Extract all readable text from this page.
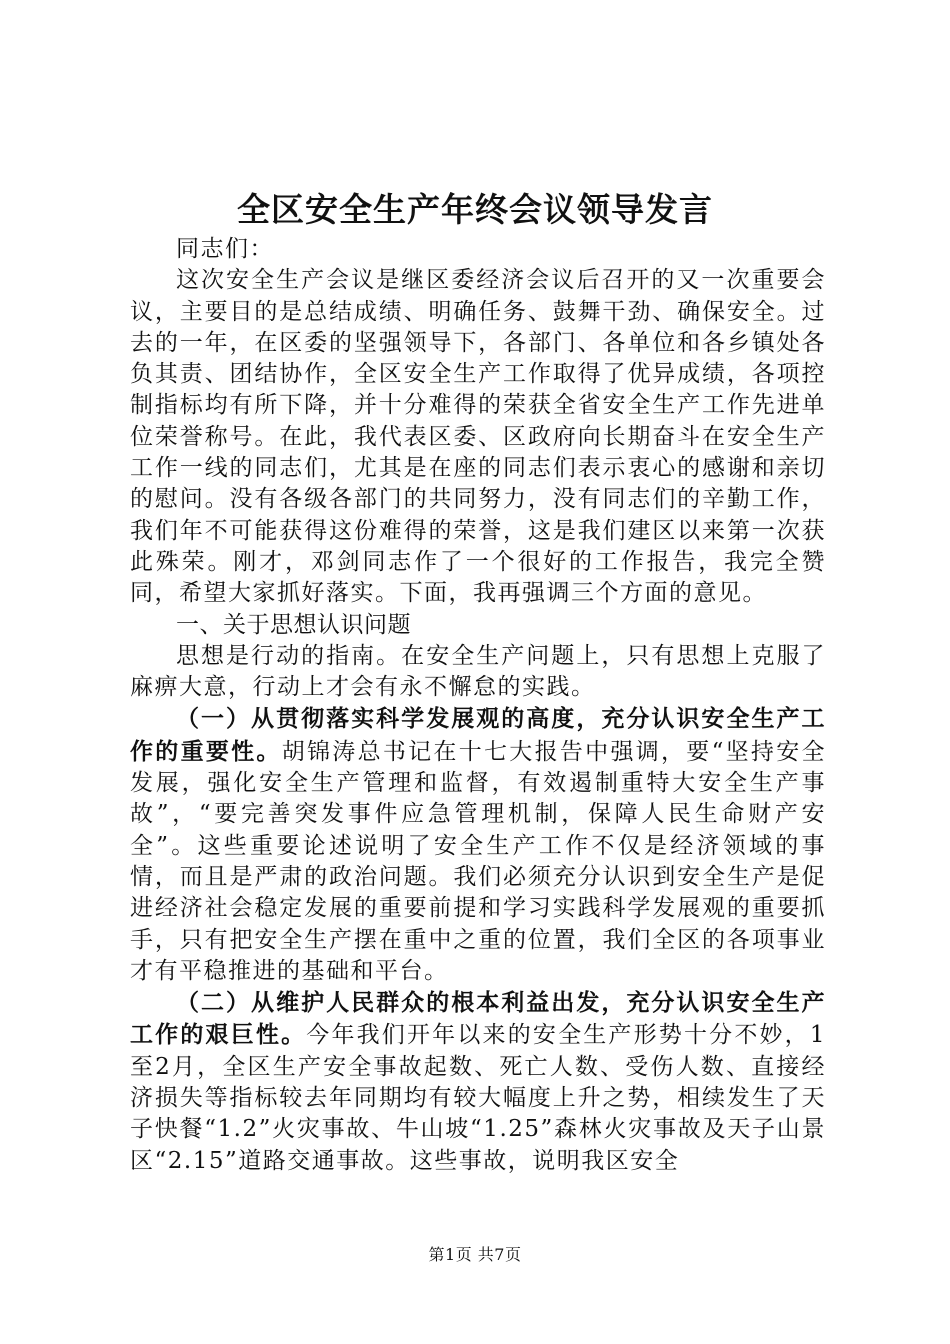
全区安全生产年终会议领导发言

同志们：

这次安全生产会议是继区委经济会议后召开的又一次重要会议，主要目的是总结成绩、明确任务、鼓舞干劲、确保安全。过去的一年，在区委的坚强领导下，各部门、各单位和各乡镇处各负其责、团结协作，全区安全生产工作取得了优异成绩，各项控制指标均有所下降，并十分难得的荣获全省安全生产工作先进单位荣誉称号。在此，我代表区委、区政府向长期奋斗在安全生产工作一线的同志们，尤其是在座的同志们表示衷心的感谢和亲切的慰问。没有各级各部门的共同努力，没有同志们的辛勤工作，我们年不可能获得这份难得的荣誉，这是我们建区以来第一次获此殊荣。刚才，邓剑同志作了一个很好的工作报告，我完全赞同，希望大家抓好落实。下面，我再强调三个方面的意见。

一、关于思想认识问题

思想是行动的指南。在安全生产问题上，只有思想上克服了麻痹大意，行动上才会有永不懈怠的实践。

（一）从贯彻落实科学发展观的高度，充分认识安全生产工作的重要性。胡锦涛总书记在十七大报告中强调，要“坚持安全发展，强化安全生产管理和监督，有效遏制重特大安全生产事故”，“要完善突发事件应急管理机制，保障人民生命财产安全”。这些重要论述说明了安全生产工作不仅是经济领域的事情，而且是严肃的政治问题。我们必须充分认识到安全生产是促进经济社会稳定发展的重要前提和学习实践科学发展观的重要抓手，只有把安全生产摆在重中之重的位置，我们全区的各项事业才有平稳推进的基础和平台。

（二）从维护人民群众的根本利益出发，充分认识安全生产工作的艰巨性。今年我们开年以来的安全生产形势十分不妙，1至2月，全区生产安全事故起数、死亡人数、受伤人数、直接经济损失等指标较去年同期均有较大幅度上升之势，相续发生了天子快餐“1.2”火灾事故、牛山坡“1.25”森林火灾事故及天子山景区“2.15”道路交通事故。这些事故，说明我区安全

第1页 共7页
